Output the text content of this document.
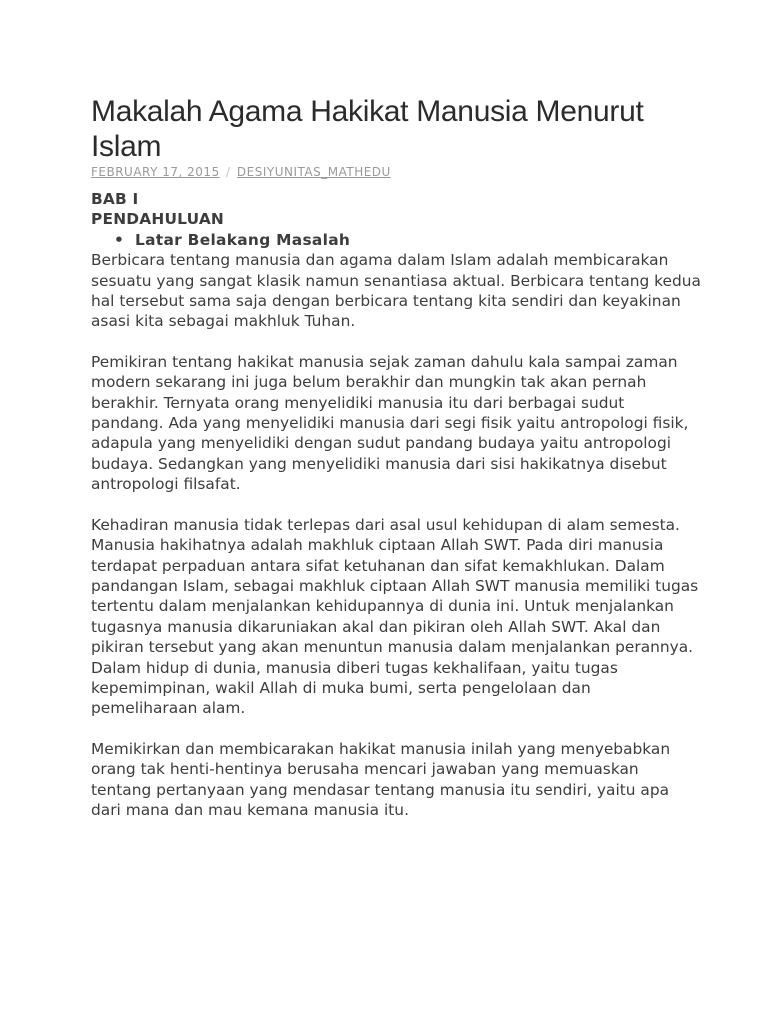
Makalah Agama Hakikat Manusia Menurut Islam
FEBRUARY 17, 2015 / DESIYUNITAS_MATHEDU
BAB I
PENDAHULUAN
• Latar Belakang Masalah

Berbicara tentang manusia dan agama dalam Islam adalah membicarakan sesuatu yang sangat klasik namun senantiasa aktual. Berbicara tentang kedua hal tersebut sama saja dengan berbicara tentang kita sendiri dan keyakinan asasi kita sebagai makhluk Tuhan.

Pemikiran tentang hakikat manusia sejak zaman dahulu kala sampai zaman modern sekarang ini juga belum berakhir dan mungkin tak akan pernah berakhir. Ternyata orang menyelidiki manusia itu dari berbagai sudut pandang. Ada yang menyelidiki manusia dari segi fisik yaitu antropologi fisik, adapula yang menyelidiki dengan sudut pandang budaya yaitu antropologi budaya. Sedangkan yang menyelidiki manusia dari sisi hakikatnya disebut antropologi filsafat.

Kehadiran manusia tidak terlepas dari asal usul kehidupan di alam semesta. Manusia hakihatnya adalah makhluk ciptaan Allah SWT. Pada diri manusia terdapat perpaduan antara sifat ketuhanan dan sifat kemakhlukan. Dalam pandangan Islam, sebagai makhluk ciptaan Allah SWT manusia memiliki tugas tertentu dalam menjalankan kehidupannya di dunia ini. Untuk menjalankan tugasnya manusia dikaruniakan akal dan pikiran oleh Allah SWT. Akal dan pikiran tersebut yang akan menuntun manusia dalam menjalankan perannya. Dalam hidup di dunia, manusia diberi tugas kekhalifaan, yaitu tugas kepemimpinan, wakil Allah di muka bumi, serta pengelolaan dan pemeliharaan alam.

Memikirkan dan membicarakan hakikat manusia inilah yang menyebabkan orang tak henti-hentinya berusaha mencari jawaban yang memuaskan tentang pertanyaan yang mendasar tentang manusia itu sendiri, yaitu apa dari mana dan mau kemana manusia itu.
